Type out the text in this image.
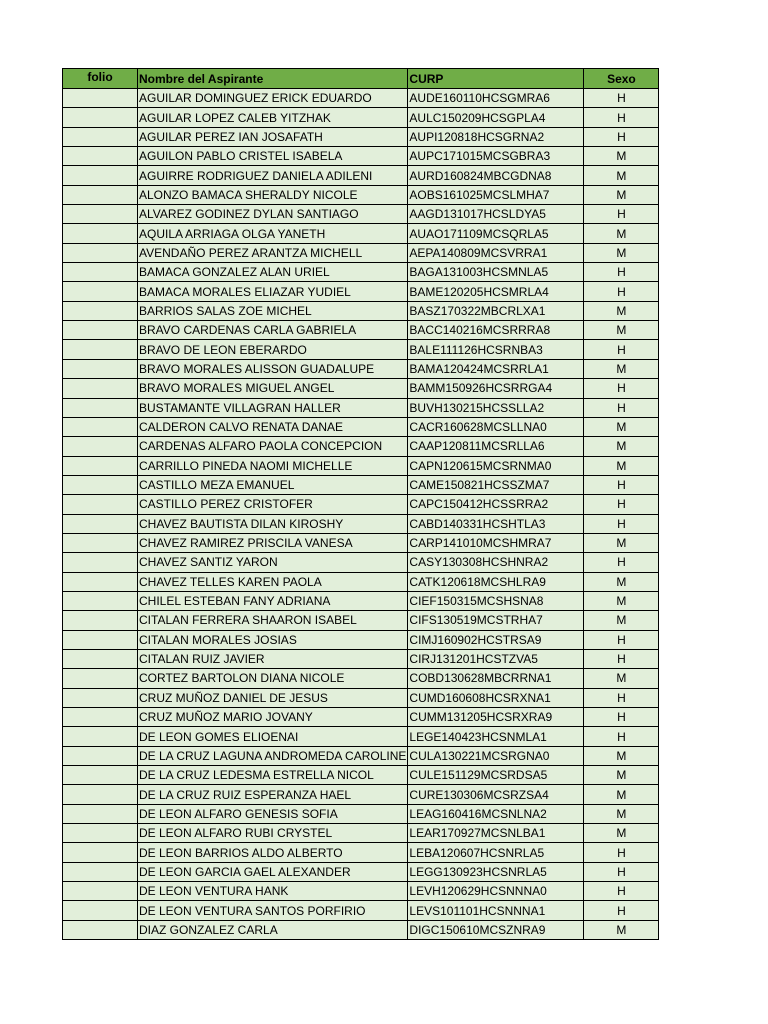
folio	Nombre del Aspirante	CURP	Sexo
	AGUILAR DOMINGUEZ ERICK EDUARDO	AUDE160110HCSGMRA6	H
	AGUILAR LOPEZ CALEB YITZHAK	AULC150209HCSGPLA4	H
	AGUILAR PEREZ IAN JOSAFATH	AUPI120818HCSGRNA2	H
	AGUILON PABLO CRISTEL ISABELA	AUPC171015MCSGBRA3	M
	AGUIRRE RODRIGUEZ DANIELA ADILENI	AURD160824MBCGDNA8	M
	ALONZO BAMACA SHERALDY NICOLE	AOBS161025MCSLMHA7	M
	ALVAREZ GODINEZ DYLAN SANTIAGO	AAGD131017HCSLDYA5	H
	AQUILA ARRIAGA OLGA YANETH	AUAO171109MCSQRLA5	M
	AVENDAÑO PEREZ ARANTZA MICHELL	AEPA140809MCSVRRA1	M
	BAMACA GONZALEZ ALAN URIEL	BAGA131003HCSMNLA5	H
	BAMACA MORALES ELIAZAR YUDIEL	BAME120205HCSMRLA4	H
	BARRIOS SALAS ZOE MICHEL	BASZ170322MBCRLXA1	M
	BRAVO CARDENAS CARLA GABRIELA	BACC140216MCSRRRA8	M
	BRAVO DE LEON EBERARDO	BALE111126HCSRNBA3	H
	BRAVO MORALES ALISSON GUADALUPE	BAMA120424MCSRRLA1	M
	BRAVO MORALES MIGUEL ANGEL	BAMM150926HCSRRGA4	H
	BUSTAMANTE VILLAGRAN HALLER	BUVH130215HCSSLLA2	H
	CALDERON CALVO RENATA DANAE	CACR160628MCSLLNA0	M
	CARDENAS ALFARO PAOLA CONCEPCION	CAAP120811MCSRLLA6	M
	CARRILLO PINEDA NAOMI MICHELLE	CAPN120615MCSRNMA0	M
	CASTILLO MEZA EMANUEL	CAME150821HCSSZMA7	H
	CASTILLO PEREZ CRISTOFER	CAPC150412HCSSRRA2	H
	CHAVEZ BAUTISTA DILAN KIROSHY	CABD140331HCSHTLA3	H
	CHAVEZ RAMIREZ PRISCILA VANESA	CARP141010MCSHMRA7	M
	CHAVEZ SANTIZ YARON	CASY130308HCSHNRA2	H
	CHAVEZ TELLES KAREN PAOLA	CATK120618MCSHLRA9	M
	CHILEL ESTEBAN FANY ADRIANA	CIEF150315MCSHSNA8	M
	CITALAN FERRERA SHAARON ISABEL	CIFS130519MCSTRHA7	M
	CITALAN MORALES JOSIAS	CIMJ160902HCSTRSA9	H
	CITALAN RUIZ JAVIER	CIRJ131201HCSTZVA5	H
	CORTEZ BARTOLON DIANA NICOLE	COBD130628MBCRRNA1	M
	CRUZ MUÑOZ DANIEL DE JESUS	CUMD160608HCSRXNA1	H
	CRUZ MUÑOZ MARIO JOVANY	CUMM131205HCSRXRA9	H
	DE LEON GOMES ELIOENAI	LEGE140423HCSNMLA1	H
	DE LA CRUZ LAGUNA ANDROMEDA CAROLINE	CULA130221MCSRGNA0	M
	DE LA CRUZ LEDESMA ESTRELLA NICOL	CULE151129MCSRDSA5	M
	DE LA CRUZ RUIZ ESPERANZA HAEL	CURE130306MCSRZSA4	M
	DE LEON ALFARO GENESIS SOFIA	LEAG160416MCSNLNA2	M
	DE LEON ALFARO RUBI CRYSTEL	LEAR170927MCSNLBA1	M
	DE LEON BARRIOS ALDO ALBERTO	LEBA120607HCSNRLA5	H
	DE LEON GARCIA GAEL ALEXANDER	LEGG130923HCSNRLA5	H
	DE LEON VENTURA HANK	LEVH120629HCSNNNA0	H
	DE LEON VENTURA SANTOS PORFIRIO	LEVS101101HCSNNNA1	H
	DIAZ GONZALEZ CARLA	DIGC150610MCSZNRA9	M
